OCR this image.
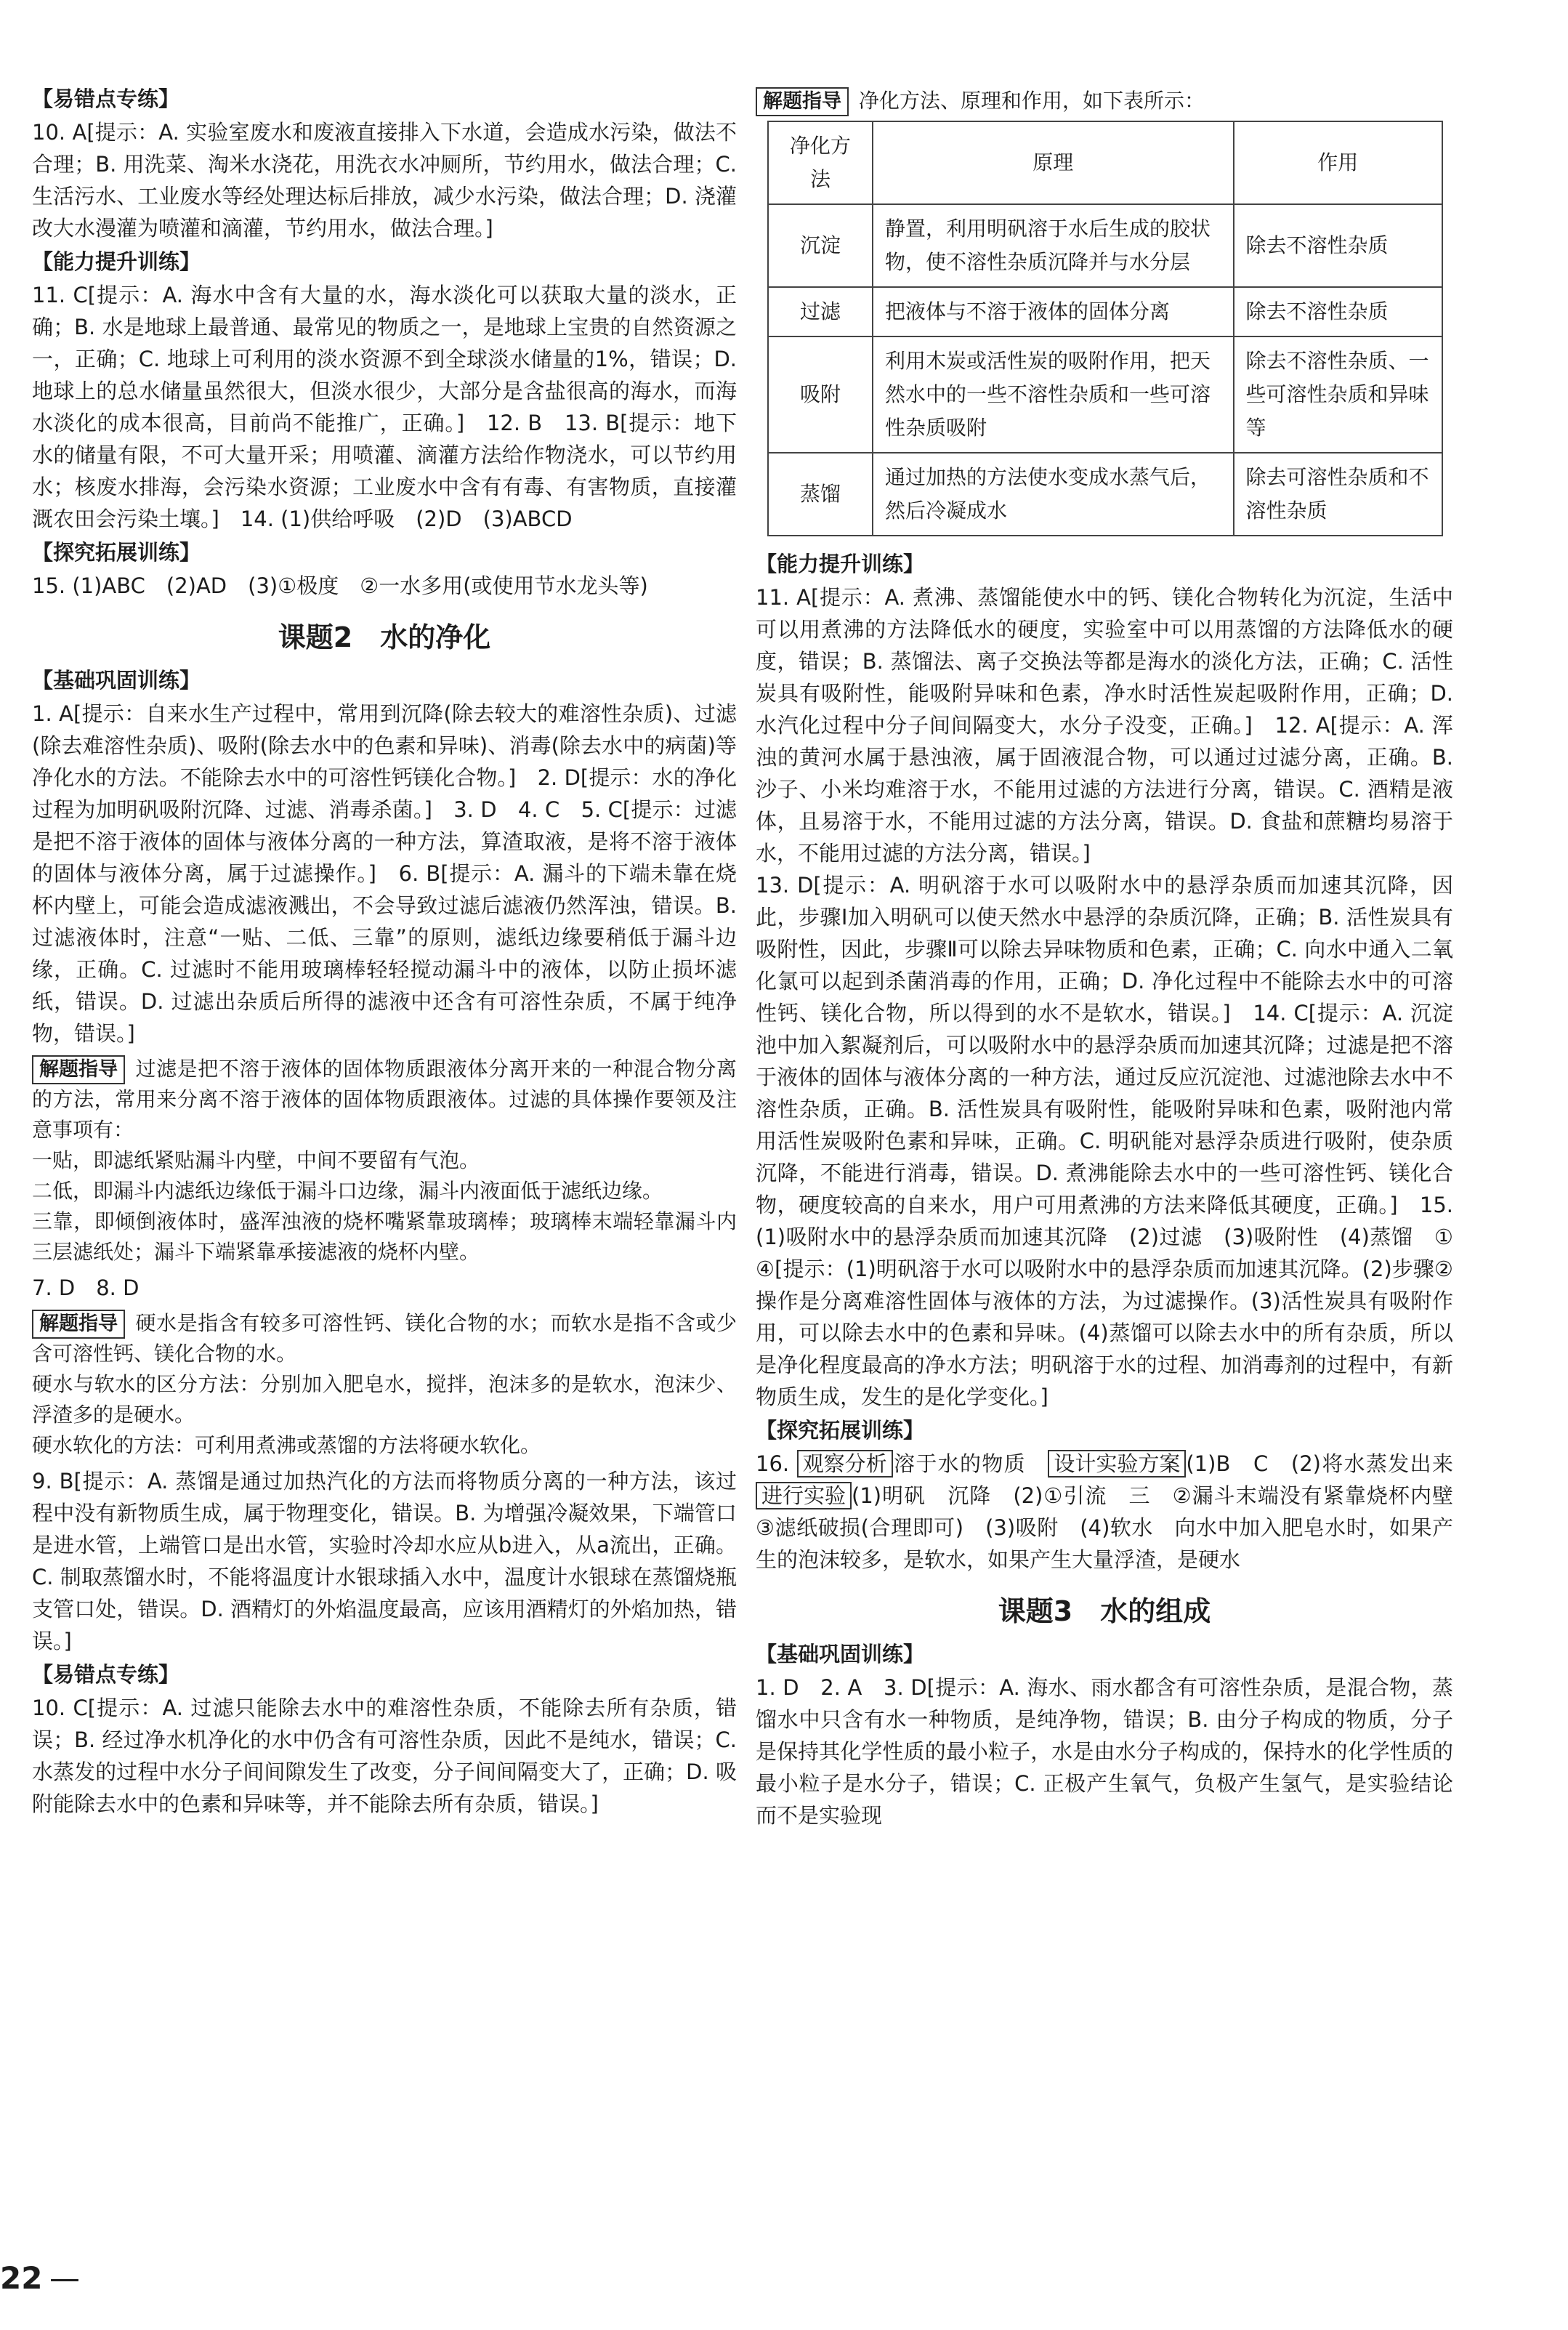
【易错点专练】

10. A[提示：A. 实验室废水和废液直接排入下水道，会造成水污染，做法不合理；B. 用洗菜、淘米水浇花，用洗衣水冲厕所，节约用水，做法合理；C. 生活污水、工业废水等经处理达标后排放，减少水污染，做法合理；D. 浇灌改大水漫灌为喷灌和滴灌，节约用水，做法合理。]

【能力提升训练】

11. C[提示：A. 海水中含有大量的水，海水淡化可以获取大量的淡水，正确；B. 水是地球上最普通、最常见的物质之一，是地球上宝贵的自然资源之一，正确；C. 地球上可利用的淡水资源不到全球淡水储量的1%，错误；D. 地球上的总水储量虽然很大，但淡水很少，大部分是含盐很高的海水，而海水淡化的成本很高，目前尚不能推广，正确。]　12. B　13. B[提示：地下水的储量有限，不可大量开采；用喷灌、滴灌方法给作物浇水，可以节约用水；核废水排海，会污染水资源；工业废水中含有有毒、有害物质，直接灌溉农田会污染土壤。]　14. (1)供给呼吸　(2)D　(3)ABCD

【探究拓展训练】

15. (1)ABC　(2)AD　(3)①极度　②一水多用(或使用节水龙头等)

课题2　水的净化
【基础巩固训练】

1. A[提示：自来水生产过程中，常用到沉降(除去较大的难溶性杂质)、过滤(除去难溶性杂质)、吸附(除去水中的色素和异味)、消毒(除去水中的病菌)等净化水的方法。不能除去水中的可溶性钙镁化合物。]　2. D[提示：水的净化过程为加明矾吸附沉降、过滤、消毒杀菌。]　3. D　4. C　5. C[提示：过滤是把不溶于液体的固体与液体分离的一种方法，算渣取液，是将不溶于液体的固体与液体分离，属于过滤操作。]　6. B[提示：A. 漏斗的下端未靠在烧杯内壁上，可能会造成滤液溅出，不会导致过滤后滤液仍然浑浊，错误。B. 过滤液体时，注意“一贴、二低、三靠”的原则，滤纸边缘要稍低于漏斗边缘，正确。C. 过滤时不能用玻璃棒轻轻搅动漏斗中的液体，以防止损坏滤纸，错误。D. 过滤出杂质后所得的滤液中还含有可溶性杂质，不属于纯净物，错误。]

解题指导 过滤是把不溶于液体的固体物质跟液体分离开来的一种混合物分离的方法，常用来分离不溶于液体的固体物质跟液体。过滤的具体操作要领及注意事项有：
一贴，即滤纸紧贴漏斗内壁，中间不要留有气泡。
二低，即漏斗内滤纸边缘低于漏斗口边缘，漏斗内液面低于滤纸边缘。
三靠，即倾倒液体时，盛浑浊液的烧杯嘴紧靠玻璃棒；玻璃棒末端轻靠漏斗内三层滤纸处；漏斗下端紧靠承接滤液的烧杯内壁。

7. D　8. D

解题指导 硬水是指含有较多可溶性钙、镁化合物的水；而软水是指不含或少含可溶性钙、镁化合物的水。
硬水与软水的区分方法：分别加入肥皂水，搅拌，泡沫多的是软水，泡沫少、浮渣多的是硬水。
硬水软化的方法：可利用煮沸或蒸馏的方法将硬水软化。

9. B[提示：A. 蒸馏是通过加热汽化的方法而将物质分离的一种方法，该过程中没有新物质生成，属于物理变化，错误。B. 为增强冷凝效果，下端管口是进水管，上端管口是出水管，实验时冷却水应从b进入，从a流出，正确。C. 制取蒸馏水时，不能将温度计水银球插入水中，温度计水银球在蒸馏烧瓶支管口处，错误。D. 酒精灯的外焰温度最高，应该用酒精灯的外焰加热，错误。]

【易错点专练】

10. C[提示：A. 过滤只能除去水中的难溶性杂质，不能除去所有杂质，错误；B. 经过净水机净化的水中仍含有可溶性杂质，因此不是纯水，错误；C. 水蒸发的过程中水分子间间隙发生了改变，分子间间隔变大了，正确；D. 吸附能除去水中的色素和异味等，并不能除去所有杂质，错误。]

解题指导 净化方法、原理和作用，如下表所示：
净化方法	原理	作用
沉淀	静置，利用明矾溶于水后生成的胶状物，使不溶性杂质沉降并与水分层	除去不溶性杂质
过滤	把液体与不溶于液体的固体分离	除去不溶性杂质
吸附	利用木炭或活性炭的吸附作用，把天然水中的一些不溶性杂质和一些可溶性杂质吸附	除去不溶性杂质、一些可溶性杂质和异味等
蒸馏	通过加热的方法使水变成水蒸气后，然后冷凝成水	除去可溶性杂质和不溶性杂质
【能力提升训练】

11. A[提示：A. 煮沸、蒸馏能使水中的钙、镁化合物转化为沉淀，生活中可以用煮沸的方法降低水的硬度，实验室中可以用蒸馏的方法降低水的硬度，错误；B. 蒸馏法、离子交换法等都是海水的淡化方法，正确；C. 活性炭具有吸附性，能吸附异味和色素，净水时活性炭起吸附作用，正确；D. 水汽化过程中分子间间隔变大，水分子没变，正确。]　12. A[提示：A. 浑浊的黄河水属于悬浊液，属于固液混合物，可以通过过滤分离，正确。B. 沙子、小米均难溶于水，不能用过滤的方法进行分离，错误。C. 酒精是液体，且易溶于水，不能用过滤的方法分离，错误。D. 食盐和蔗糖均易溶于水，不能用过滤的方法分离，错误。]

13. D[提示：A. 明矾溶于水可以吸附水中的悬浮杂质而加速其沉降，因此，步骤Ⅰ加入明矾可以使天然水中悬浮的杂质沉降，正确；B. 活性炭具有吸附性，因此，步骤Ⅱ可以除去异味物质和色素，正确；C. 向水中通入二氧化氯可以起到杀菌消毒的作用，正确；D. 净化过程中不能除去水中的可溶性钙、镁化合物，所以得到的水不是软水，错误。]　14. C[提示：A. 沉淀池中加入絮凝剂后，可以吸附水中的悬浮杂质而加速其沉降；过滤是把不溶于液体的固体与液体分离的一种方法，通过反应沉淀池、过滤池除去水中不溶性杂质，正确。B. 活性炭具有吸附性，能吸附异味和色素，吸附池内常用活性炭吸附色素和异味，正确。C. 明矾能对悬浮杂质进行吸附，使杂质沉降，不能进行消毒，错误。D. 煮沸能除去水中的一些可溶性钙、镁化合物，硬度较高的自来水，用户可用煮沸的方法来降低其硬度，正确。]　15. (1)吸附水中的悬浮杂质而加速其沉降　(2)过滤　(3)吸附性　(4)蒸馏　①④[提示：(1)明矾溶于水可以吸附水中的悬浮杂质而加速其沉降。(2)步骤②操作是分离难溶性固体与液体的方法，为过滤操作。(3)活性炭具有吸附作用，可以除去水中的色素和异味。(4)蒸馏可以除去水中的所有杂质，所以是净化程度最高的净水方法；明矾溶于水的过程、加消毒剂的过程中，有新物质生成，发生的是化学变化。]

【探究拓展训练】

16. 观察分析 溶于水的物质　设计实验方案 (1)B　C　(2)将水蒸发出来　进行实验 (1)明矾　沉降　(2)①引流　三　②漏斗末端没有紧靠烧杯内壁　③滤纸破损(合理即可)　(3)吸附　(4)软水　向水中加入肥皂水时，如果产生的泡沫较多，是软水，如果产生大量浮渣，是硬水

课题3　水的组成
【基础巩固训练】

1. D　2. A　3. D[提示：A. 海水、雨水都含有可溶性杂质，是混合物，蒸馏水中只含有水一种物质，是纯净物，错误；B. 由分子构成的物质，分子是保持其化学性质的最小粒子，水是由水分子构成的，保持水的化学性质的最小粒子是水分子，错误；C. 正极产生氧气，负极产生氢气，是实验结论而不是实验现

22 —
